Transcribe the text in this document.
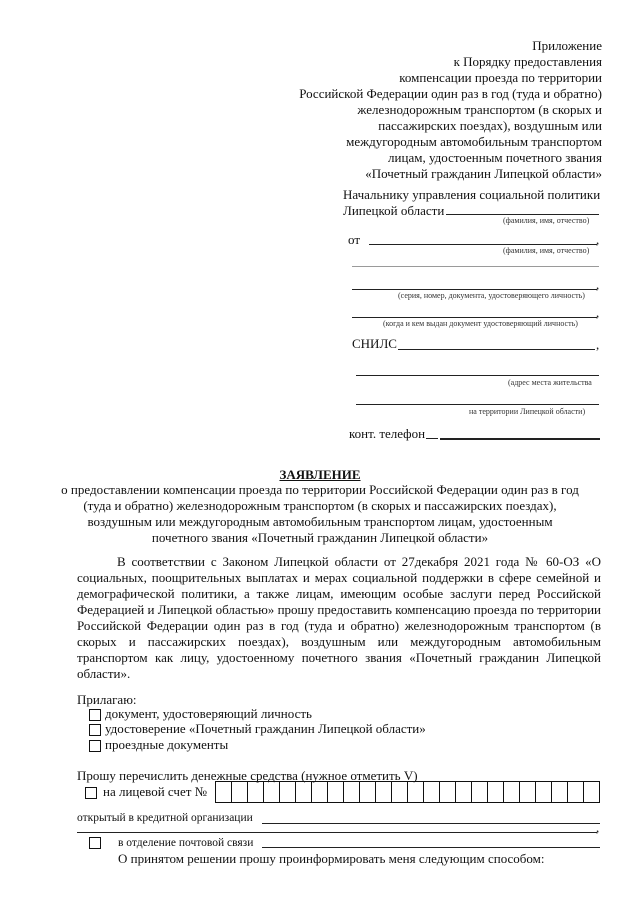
Приложение
к Порядку предоставления
компенсации проезда по территории
Российской Федерации один раз в год (туда и обратно)
железнодорожным транспортом (в скорых и
пассажирских поездах), воздушным или
междугородным автомобильным транспортом
лицам, удостоенным почетного звания
«Почетный гражданин Липецкой области»
Начальнику управления социальной политики
Липецкой области
(фамилия, имя, отчество)
от	,
(фамилия, имя, отчество)
,
(серия, номер, документа, удостоверяющего личность)
,
(когда и кем выдан документ удостоверяющий личность)
СНИЛС	,
(адрес места жительства
на территории Липецкой области)
конт. телефон
ЗАЯВЛЕНИЕ
о предоставлении компенсации проезда по территории Российской Федерации один раз в год
(туда и обратно) железнодорожным транспортом (в скорых и пассажирских поездах),
воздушным или междугородным автомобильным транспортом лицам, удостоенным
почетного звания «Почетный гражданин Липецкой области»
В соответствии с Законом Липецкой области от 27декабря 2021 года № 60-ОЗ «О социальных, поощрительных выплатах и мерах социальной поддержки в сфере семейной и демографической политики, а также лицам, имеющим особые заслуги перед Российской Федерацией и Липецкой областью» прошу предоставить компенсацию проезда по территории Российской Федерации один раз в год (туда и обратно) железнодорожным транспортом (в скорых и пассажирских поездах), воздушным или междугородным автомобильным транспортом как лицу, удостоенному почетного звания «Почетный гражданин Липецкой области».
Прилагаю:
документ, удостоверяющий личность
удостоверение «Почетный гражданин Липецкой области»
проездные документы
Прошу перечислить денежные средства (нужное отметить V)
на лицевой счет №
открытый в кредитной организации
,
в отделение почтовой связи
О принятом решении прошу проинформировать меня следующим способом:
